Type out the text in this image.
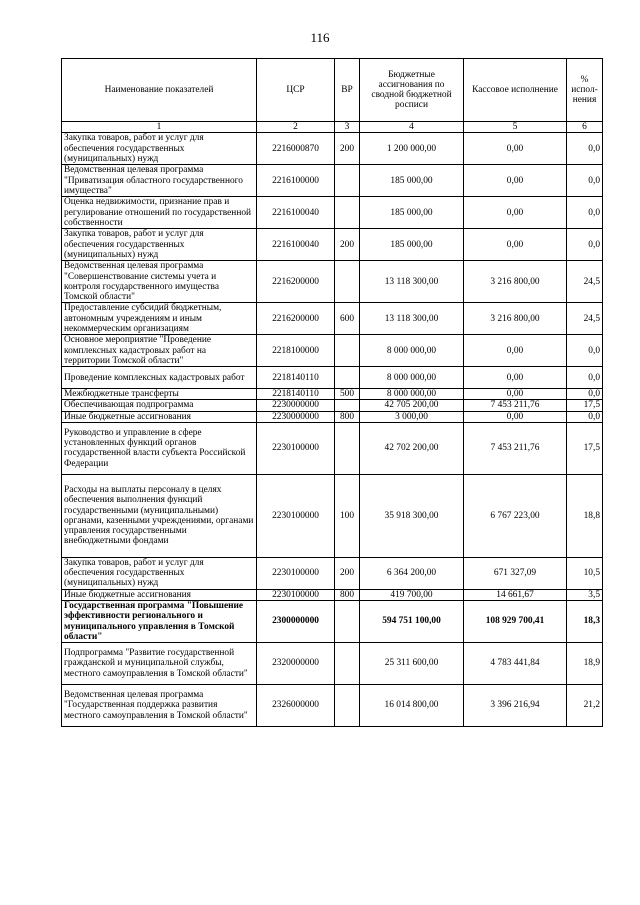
116
Наименование показателей	ЦСР	ВР	Бюджетные ассигнования по сводной бюджетной росписи	Кассовое исполнение	% испол-нения
1	2	3	4	5	6
Закупка товаров, работ и услуг для обеспечения государственных (муниципальных) нужд	2216000870	200	1 200 000,00	0,00	0,0
Ведомственная целевая программа "Приватизация областного государственного имущества"	2216100000		185 000,00	0,00	0,0
Оценка недвижимости, признание прав и регулирование отношений по государственной собственности	2216100040		185 000,00	0,00	0,0
Закупка товаров, работ и услуг для обеспечения государственных (муниципальных) нужд	2216100040	200	185 000,00	0,00	0,0
Ведомственная целевая программа "Совершенствование системы учета и контроля государственного имущества Томской области"	2216200000		13 118 300,00	3 216 800,00	24,5
Предоставление субсидий бюджетным, автономным учреждениям и иным некоммерческим организациям	2216200000	600	13 118 300,00	3 216 800,00	24,5
Основное мероприятие "Проведение комплексных кадастровых работ на территории Томской области"	2218100000		8 000 000,00	0,00	0,0
Проведение комплексных кадастровых работ	2218140110		8 000 000,00	0,00	0,0
Межбюджетные трансферты	2218140110	500	8 000 000,00	0,00	0,0
Обеспечивающая подпрограмма	2230000000		42 705 200,00	7 453 211,76	17,5
Иные бюджетные ассигнования	2230000000	800	3 000,00	0,00	0,0
Руководство и управление в сфере установленных функций органов государственной власти субъекта Российской Федерации	2230100000		42 702 200,00	7 453 211,76	17,5
Расходы на выплаты персоналу в целях обеспечения выполнения функций государственными (муниципальными) органами, казенными учреждениями, органами управления государственными внебюджетными фондами	2230100000	100	35 918 300,00	6 767 223,00	18,8
Закупка товаров, работ и услуг для обеспечения государственных (муниципальных) нужд	2230100000	200	6 364 200,00	671 327,09	10,5
Иные бюджетные ассигнования	2230100000	800	419 700,00	14 661,67	3,5
Государственная программа "Повышение эффективности регионального и муниципального управления в Томской области"	2300000000		594 751 100,00	108 929 700,41	18,3
Подпрограмма "Развитие государственной гражданской и муниципальной службы, местного самоуправления в Томской области"	2320000000		25 311 600,00	4 783 441,84	18,9
Ведомственная целевая программа "Государственная поддержка развития местного самоуправления в Томской области"	2326000000		16 014 800,00	3 396 216,94	21,2
